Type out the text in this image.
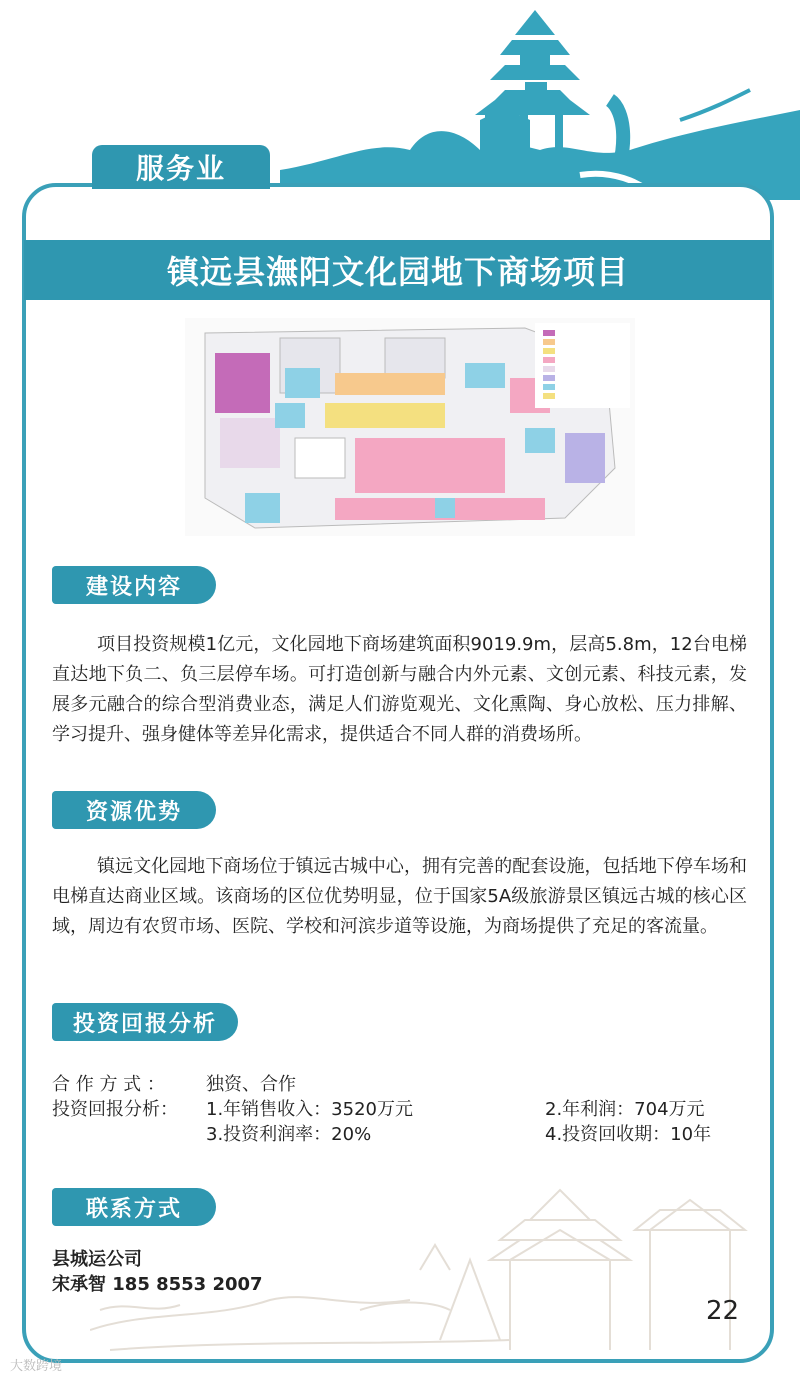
服务业
镇远县潕阳文化园地下商场项目
建设内容
项目投资规模1亿元，文化园地下商场建筑面积9019.9m，层高5.8m，12台电梯直达地下负二、负三层停车场。可打造创新与融合内外元素、文创元素、科技元素，发展多元融合的综合型消费业态，满足人们游览观光、文化熏陶、身心放松、压力排解、学习提升、强身健体等差异化需求，提供适合不同人群的消费场所。
资源优势
镇远文化园地下商场位于镇远古城中心，拥有完善的配套设施，包括地下停车场和电梯直达商业区域。该商场的区位优势明显，位于国家5A级旅游景区镇远古城的核心区域，周边有农贸市场、医院、学校和河滨步道等设施，为商场提供了充足的客流量。
投资回报分析
合 作 方 式 ： 独资、合作
投资回报分析： 1.年销售收入：3520万元	2.年利润：704万元
3.投资利润率：20%	4.投资回收期：10年
联系方式
县城运公司
宋承智 185 8553 2007
22
大数跨境
